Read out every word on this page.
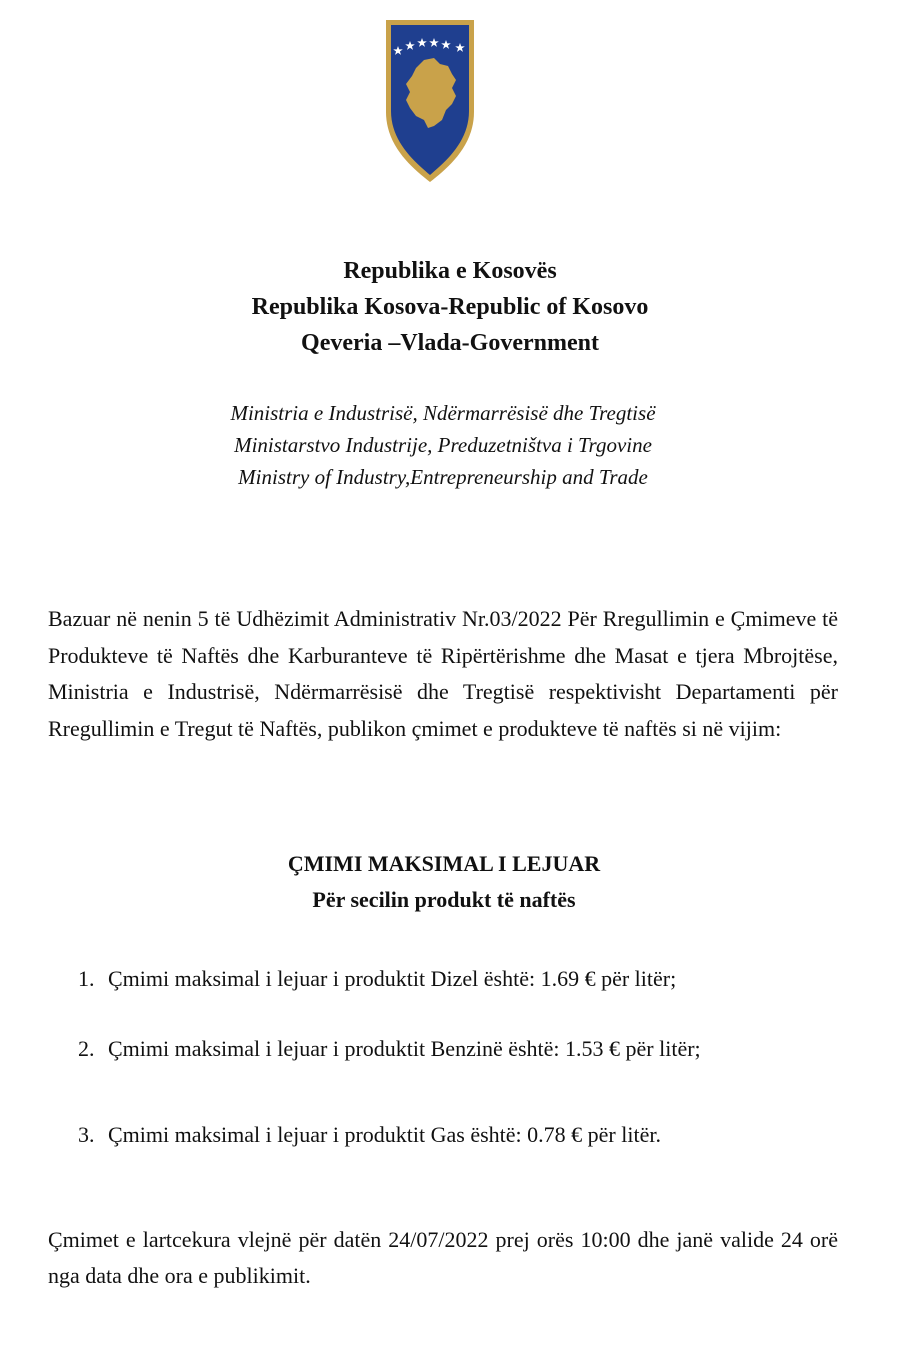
Republika e Kosovës

Republika Kosova-Republic of Kosovo

Qeveria –Vlada-Government

Ministria e Industrisë, Ndërmarrësisë dhe Tregtisë

Ministarstvo Industrije, Preduzetništva i Trgovine

Ministry of Industry,Entrepreneurship and Trade

Bazuar në nenin 5 të Udhëzimit Administrativ Nr.03/2022 Për Rregullimin e Çmimeve të Produkteve të Naftës dhe Karburanteve të Ripërtërishme dhe Masat e tjera Mbrojtëse, Ministria e Industrisë, Ndërmarrësisë dhe Tregtisë respektivisht Departamenti për Rregullimin e Tregut të Naftës, publikon çmimet e produkteve të naftës si në vijim:

ÇMIMI MAKSIMAL I LEJUAR

Për secilin produkt të naftës

1. Çmimi maksimal i lejuar i produktit Dizel është: 1.69 € për litër;
2. Çmimi maksimal i lejuar i produktit Benzinë është: 1.53 € për litër;
3. Çmimi maksimal i lejuar i produktit Gas është: 0.78 € për litër.

Çmimet e lartcekura vlejnë për datën 24/07/2022 prej orës 10:00 dhe janë valide 24 orë nga data dhe ora e publikimit.
